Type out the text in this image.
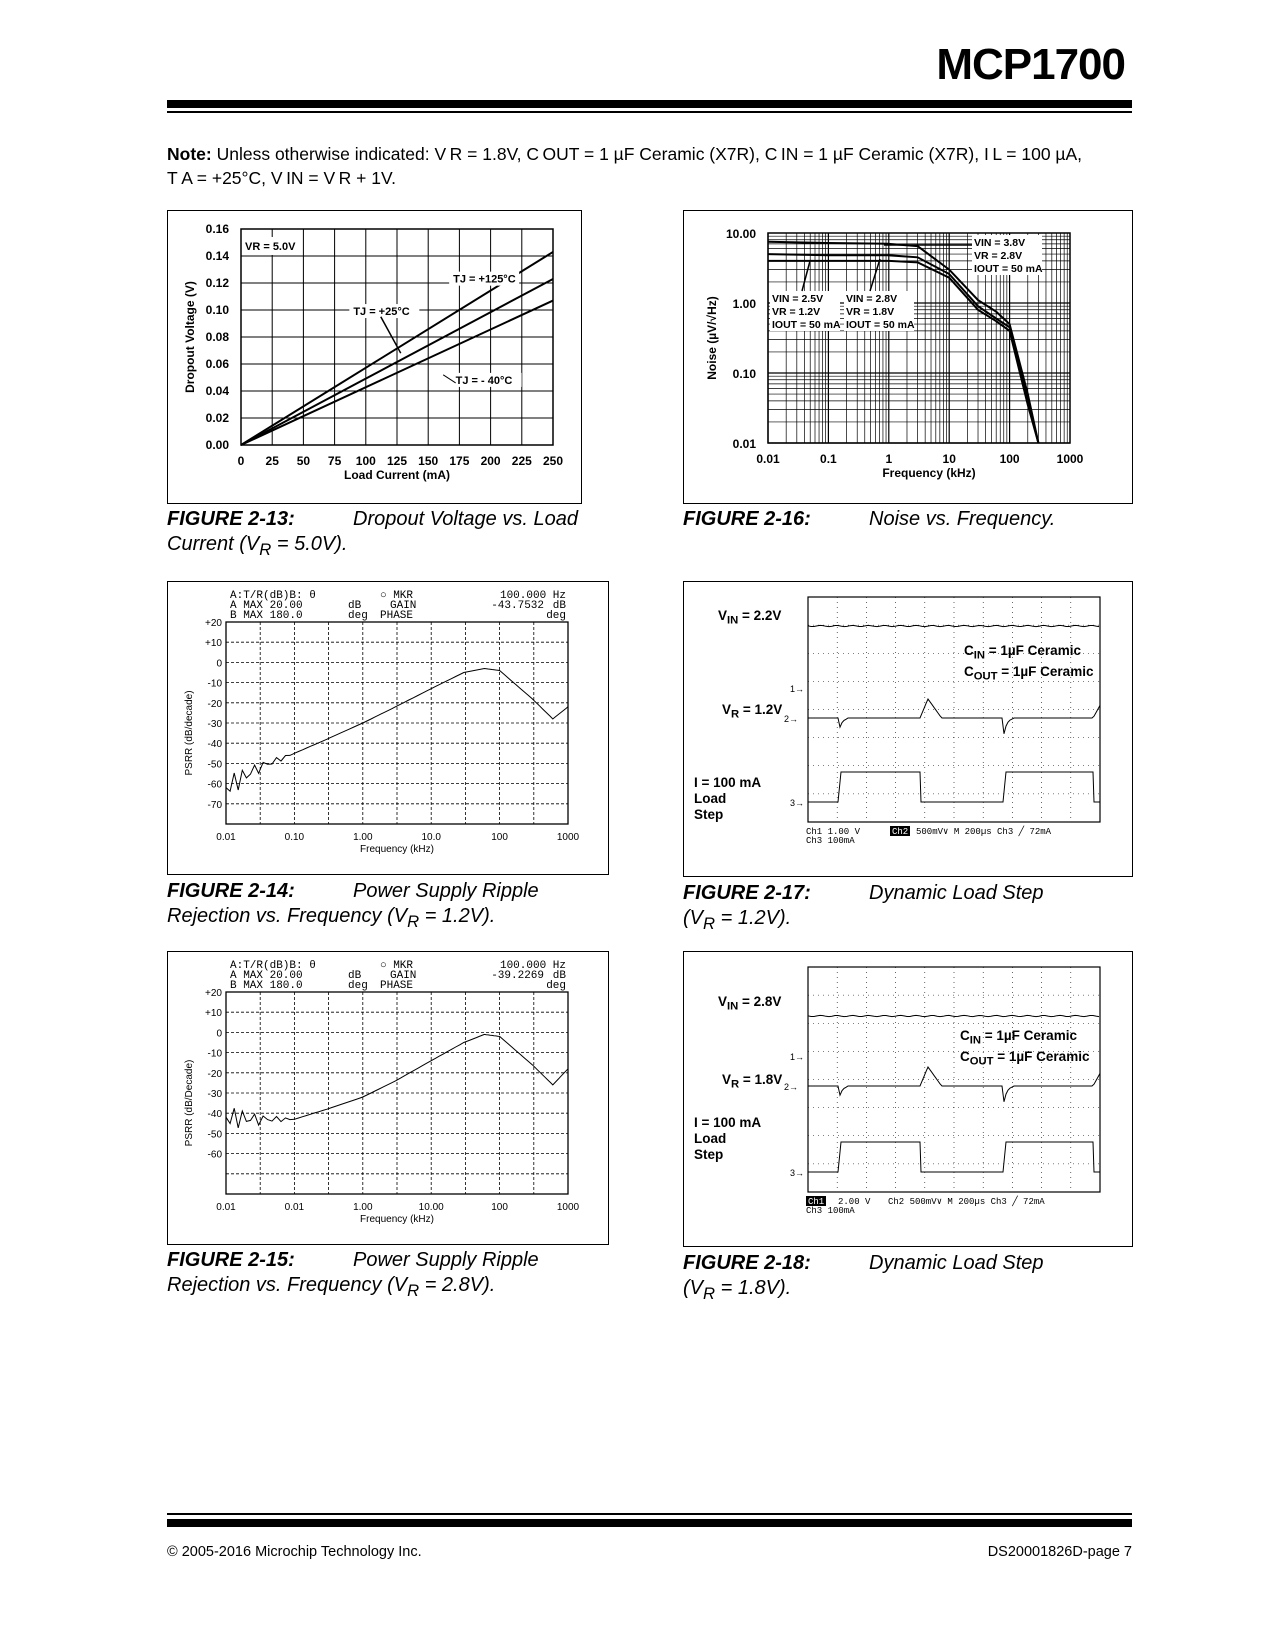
MCP1700
Note: Unless otherwise indicated: V R = 1.8V, C OUT = 1 µF Ceramic (X7R), C IN = 1 µF Ceramic (X7R), I L = 100 µA,
T A = +25°C, V IN = V R + 1V.
0 25 50 75 100 125 150 175 200 225 250
0.00
0.02
0.04
0.06
0.08
0.10
0.12
0.14
0.16
Load Current (mA)
Dropout Voltage (V)
VR = 5.0V
TJ = +125°C
TJ = +25°C
TJ = - 40°C
FIGURE 2-13:	Dropout Voltage vs. Load
Current $(V_R = 5.0V)$.
0.01	0.1	1	10	100	1000
10.00
1.00
0.10
0.01
Frequency (kHz)
Noise (µV/√Hz)
VIN = 3.8V
VR = 2.8V
IOUT = 50 mA
VIN = 2.5V
VR = 1.2V
IOUT = 50 mA
VIN = 2.8V
VR = 1.8V
IOUT = 50 mA
FIGURE 2-16:	Noise vs. Frequency.
A:T/R(dB)B: θ
A MAX 20.00
B MAX 180.0
dB
deg
○ MKR
GAIN
PHASE
100.000 Hz
-43.7532 dB
deg
+20
+10
0
-10
-20
-30
-40
-50
-60
-70
0.01	0.10	1.00	10.0	100	1000
Frequency (kHz)
PSRR (dB/decade)
FIGURE 2-14:	Power Supply Ripple
Rejection vs. Frequency $(V_R = 1.2V)$.
2→
3→
1→
Ch1 1.00 V
Ch3 100mA
Ch2 500mV∨ M 200µs Ch3 ╱ 72mA
$V_{IN} = 2.2V$
$V_R = 1.2V$
I = 100 mA
Load
Step
$C_{IN} = 1\mu F$ Ceramic
$C_{OUT} = 1\mu F$ Ceramic
FIGURE 2-17:	Dynamic Load Step
$(V_R = 1.2V)$.
A:T/R(dB)B: θ
A MAX 20.00
B MAX 180.0
dB
deg
○ MKR
GAIN
PHASE
100.000 Hz
-39.2269 dB
deg
+20
+10
0
-10
-20
-30
-40
-50
-60
0.01	0.01	1.00	10.00	100	1000
Frequency (kHz)
PSRR (dB/Decade)
FIGURE 2-15:	Power Supply Ripple
Rejection vs. Frequency $(V_R = 2.8V)$.
2→
3→
1→
Ch1 2.00 V
Ch3 100mA
Ch2 500mV∨ M 200µs Ch3 ╱ 72mA
$V_{IN} = 2.8V$
$V_R = 1.8V$
I = 100 mA
Load
Step
$C_{IN} = 1\mu F$ Ceramic
$C_{OUT} = 1\mu F$ Ceramic
FIGURE 2-18:	Dynamic Load Step
$(V_R = 1.8V)$.
© 2005-2016 Microchip Technology Inc.	DS20001826D-page 7
